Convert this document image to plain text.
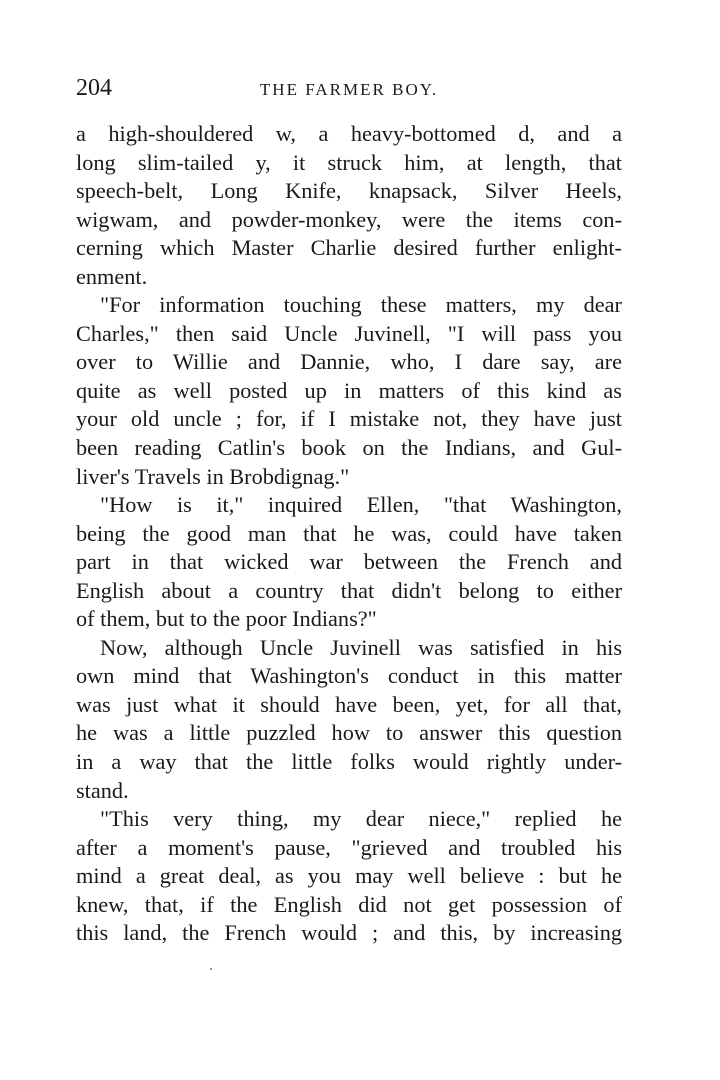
204	THE FARMER BOY.
a high-shouldered w, a heavy-bottomed d, and a
long slim-tailed y, it struck him, at length, that
speech-belt, Long Knife, knapsack, Silver Heels,
wigwam, and powder-monkey, were the items con-
cerning which Master Charlie desired further enlight-
enment.
"For information touching these matters, my dear
Charles," then said Uncle Juvinell, "I will pass you
over to Willie and Dannie, who, I dare say, are
quite as well posted up in matters of this kind as
your old uncle ; for, if I mistake not, they have just
been reading Catlin's book on the Indians, and Gul-
liver's Travels in Brobdignag."
"How is it," inquired Ellen, "that Washington,
being the good man that he was, could have taken
part in that wicked war between the French and
English about a country that didn't belong to either
of them, but to the poor Indians?"
Now, although Uncle Juvinell was satisfied in his
own mind that Washington's conduct in this matter
was just what it should have been, yet, for all that,
he was a little puzzled how to answer this question
in a way that the little folks would rightly under-
stand.
"This very thing, my dear niece," replied he
after a moment's pause, "grieved and troubled his
mind a great deal, as you may well believe : but he
knew, that, if the English did not get possession of
this land, the French would ; and this, by increasing
